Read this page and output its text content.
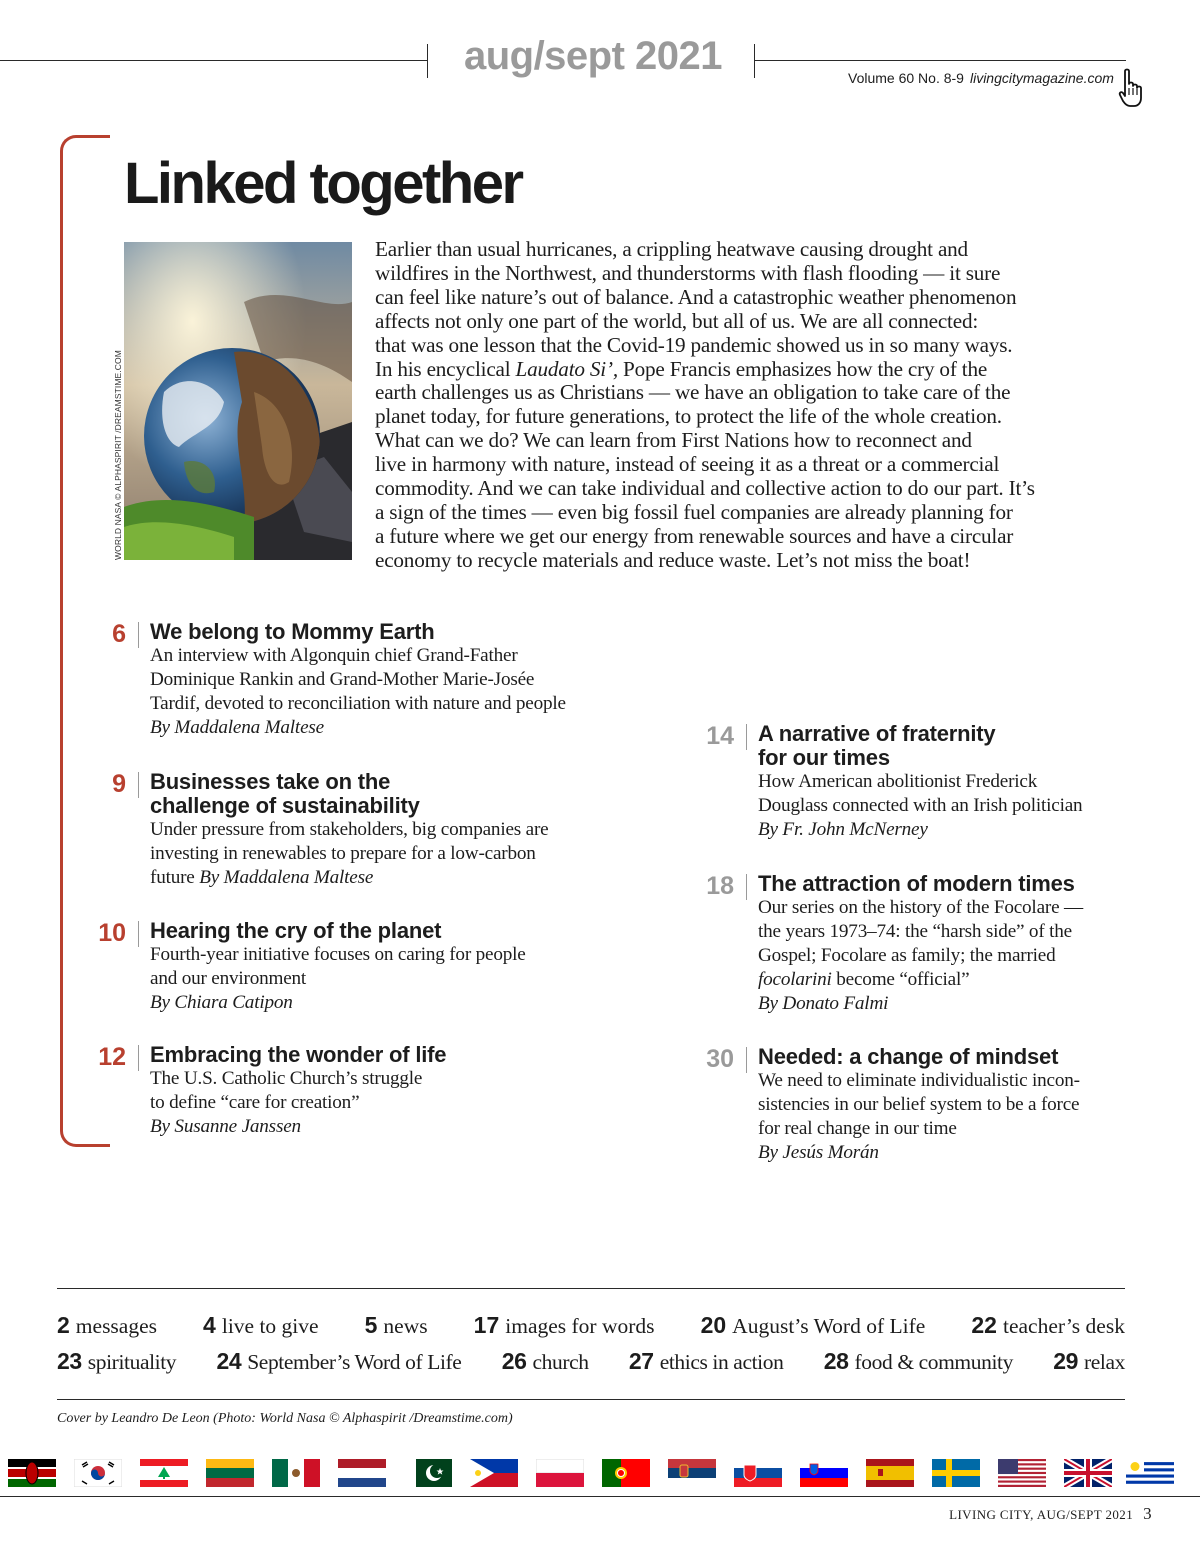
aug/sept 2021	Volume 60 No. 8-9 livingcitymagazine.com
Linked together
WORLD NASA © ALPHASPIRIT /DREAMSTIME.COM
Earlier than usual hurricanes, a crippling heatwave causing drought and
wildfires in the Northwest, and thunderstorms with flash flooding — it sure
can feel like nature’s out of balance. And a catastrophic weather phenomenon
affects not only one part of the world, but all of us. We are all connected:
that was one lesson that the Covid-19 pandemic showed us in so many ways.
In his encyclical Laudato Si’, Pope Francis emphasizes how the cry of the
earth challenges us as Christians — we have an obligation to take care of the
planet today, for future generations, to protect the life of the whole creation.
What can we do? We can learn from First Nations how to reconnect and
live in harmony with nature, instead of seeing it as a threat or a commercial
commodity. And we can take individual and collective action to do our part. It’s
a sign of the times — even big fossil fuel companies are already planning for
a future where we get our energy from renewable sources and have a circular
economy to recycle materials and reduce waste. Let’s not miss the boat!
6 We belong to Mommy Earth
An interview with Algonquin chief Grand-Father
Dominique Rankin and Grand-Mother Marie-Josée
Tardif, devoted to reconciliation with nature and people
By Maddalena Maltese
9 Businesses take on the
challenge of sustainability
Under pressure from stakeholders, big companies are
investing in renewables to prepare for a low-carbon
future By Maddalena Maltese
10 Hearing the cry of the planet
Fourth-year initiative focuses on caring for people
and our environment
By Chiara Catipon
12 Embracing the wonder of life
The U.S. Catholic Church’s struggle
to define “care for creation”
By Susanne Janssen
14 A narrative of fraternity
for our times
How American abolitionist Frederick
Douglass connected with an Irish politician
By Fr. John McNerney
18 The attraction of modern times
Our series on the history of the Focolare —
the years 1973–74: the “harsh side” of the
Gospel; Focolare as family; the married
focolarini become “official”
By Donato Falmi
30 Needed: a change of mindset
We need to eliminate individualistic incon-
sistencies in our belief system to be a force
for real change in our time
By Jesús Morán
2 messages 4 live to give 5 news 17 images for words 20 August’s Word of Life 22 teacher’s desk
23 spirituality 24 September’s Word of Life 26 church 27 ethics in action 28 food & community 29 relax
Cover by Leandro De Leon (Photo: World Nasa © Alphaspirit /Dreamstime.com)
LIVING CITY, AUG/SEPT 2021 3
